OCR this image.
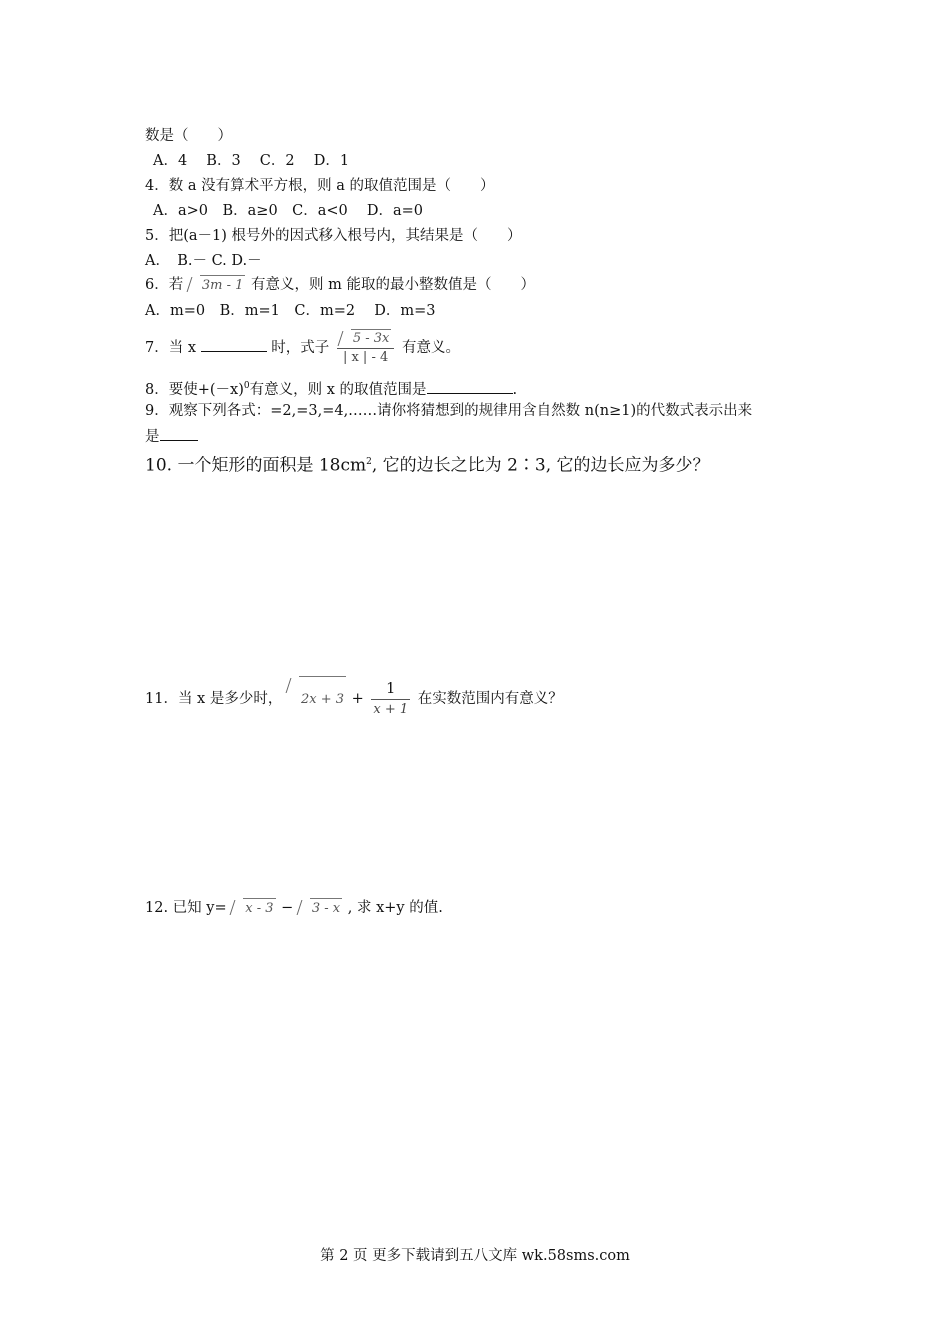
数是（　　）
A．4　 B．3　 C．2　 D．1
4．数 a 没有算术平方根，则 a 的取值范围是（　　）
A．a>0　B．a≥0　C．a<0　 D．a=0
5．把(a－1) 根号外的因式移入根号内，其结果是（　　）
A．　B.－ C. D.－
6．若 3m - 1 有意义，则 m 能取的最小整数值是（　　）
A．m=0　B．m=1　C．m=2　 D．m=3
7．当 x	时，式子 $\frac{5 - 3x}{| x | - 4}$ 有意义。
8．要使$+(-x)^0$有意义，则 x 的取值范围是	.
9．观察下列各式：=2,=3,=4,……请你将猜想到的规律用含自然数 n(n≥1)的代数式表示出来
是
10. 一个矩形的面积是 $18cm^2$, 它的边长之比为 2∶3, 它的边长应为多少？
11．当 x 是多少时， $2x + 3 + \frac{1}{x + 1}$ 在实数范围内有意义？
12. 已知 y= x - 3 − 3 - x , 求 x+y 的值.
第 2 页 更多下载请到五八文库 wk.58sms.com
